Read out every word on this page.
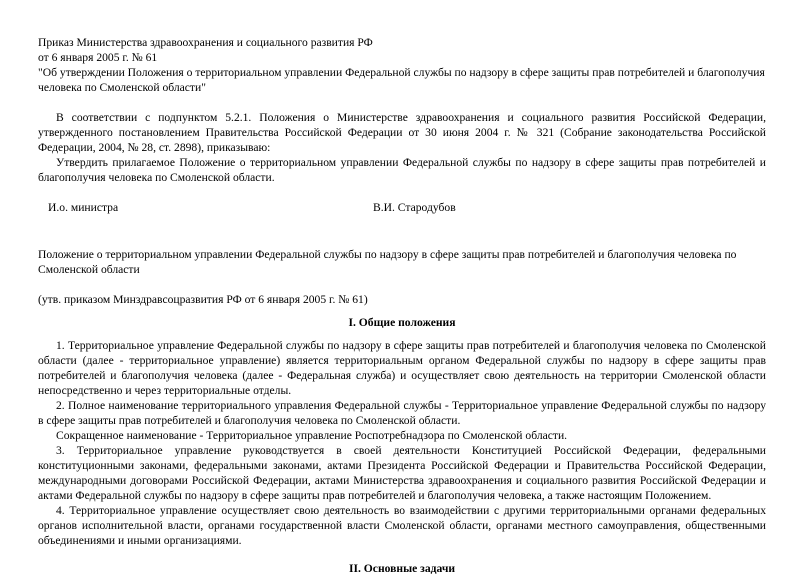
Приказ Министерства здравоохранения и социального развития РФ

от 6 января 2005 г. № 61

"Об утверждении Положения о территориальном управлении Федеральной службы по надзору в сфере защиты прав потребителей и благополучия человека по Смоленской области"

В соответствии с подпунктом 5.2.1. Положения о Министерстве здравоохранения и социального развития Российской Федерации, утвержденного постановлением Правительства Российской Федерации от 30 июня 2004 г. № 321 (Собрание законодательства Российской Федерации, 2004, № 28, ст. 2898), приказываю:

Утвердить прилагаемое Положение о территориальном управлении Федеральной службы по надзору в сфере защиты прав потребителей и благополучия человека по Смоленской области.

И.о. министра	В.И. Стародубов

Положение о территориальном управлении Федеральной службы по надзору в сфере защиты прав потребителей и благополучия человека по Смоленской области

(утв. приказом Минздравсоцразвития РФ от 6 января 2005 г. № 61)

I. Общие положения

1. Территориальное управление Федеральной службы по надзору в сфере защиты прав потребителей и благополучия человека по Смоленской области (далее - территориальное управление) является территориальным органом Федеральной службы по надзору в сфере защиты прав потребителей и благополучия человека (далее - Федеральная служба) и осуществляет свою деятельность на территории Смоленской области непосредственно и через территориальные отделы.

2. Полное наименование территориального управления Федеральной службы - Территориальное управление Федеральной службы по надзору в сфере защиты прав потребителей и благополучия человека по Смоленской области.

Сокращенное наименование - Территориальное управление Роспотребнадзора по Смоленской области.

3. Территориальное управление руководствуется в своей деятельности Конституцией Российской Федерации, федеральными конституционными законами, федеральными законами, актами Президента Российской Федерации и Правительства Российской Федерации, международными договорами Российской Федерации, актами Министерства здравоохранения и социального развития Российской Федерации и актами Федеральной службы по надзору в сфере защиты прав потребителей и благополучия человека, а также настоящим Положением.

4. Территориальное управление осуществляет свою деятельность во взаимодействии с другими территориальными органами федеральных органов исполнительной власти, органами государственной власти Смоленской области, органами местного самоуправления, общественными объединениями и иными организациями.

II. Основные задачи
